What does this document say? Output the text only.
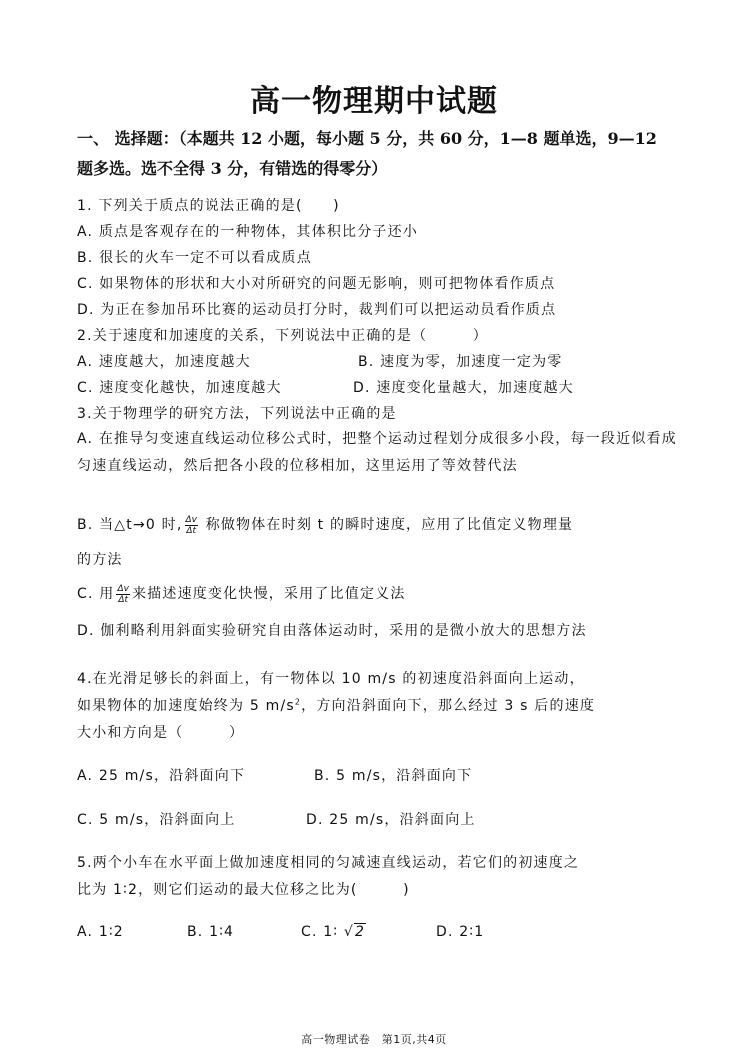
高一物理期中试题
一、 选择题：（本题共 12 小题，每小题 5 分，共 60 分，1—8 题单选，9—12
题多选。选不全得 3 分，有错选的得零分）
1. 下列关于质点的说法正确的是(　　)
A. 质点是客观存在的一种物体，其体积比分子还小
B. 很长的火车一定不可以看成质点
C. 如果物体的形状和大小对所研究的问题无影响，则可把物体看作质点
D. 为正在参加吊环比赛的运动员打分时，裁判们可以把运动员看作质点
2.关于速度和加速度的关系，下列说法中正确的是（　　　）
A. 速度越大，加速度越大	B. 速度为零，加速度一定为零
C. 速度变化越快，加速度越大	D. 速度变化量越大，加速度越大
3.关于物理学的研究方法，下列说法中正确的是
A. 在推导匀变速直线运动位移公式时，把整个运动过程划分成很多小段，每一段近似看成匀速直线运动，然后把各小段的位移相加，这里运用了等效替代法
B. 当△t→0 时, $\frac{\Delta v}{\Delta t}$ 称做物体在时刻 t 的瞬时速度，应用了比值定义物理量
的方法
C. 用 $\frac{\Delta v}{\Delta t}$ 来描述速度变化快慢，采用了比值定义法
D. 伽利略利用斜面实验研究自由落体运动时，采用的是微小放大的思想方法
4.在光滑足够长的斜面上，有一物体以 10 m/s 的初速度沿斜面向上运动，
如果物体的加速度始终为 5 $m/s^2$，方向沿斜面向下，那么经过 3 s 后的速度
大小和方向是（　　　）
A. 25 m/s，沿斜面向下	B. 5 m/s，沿斜面向下
C. 5 m/s，沿斜面向上	D. 25 m/s，沿斜面向上
5.两个小车在水平面上做加速度相同的匀减速直线运动，若它们的初速度之
比为 1∶2，则它们运动的最大位移之比为(　　　)
A. 1∶2	B. 1∶4	C. 1∶ √2	D. 2∶1
高一物理试卷　第1页,共4页
